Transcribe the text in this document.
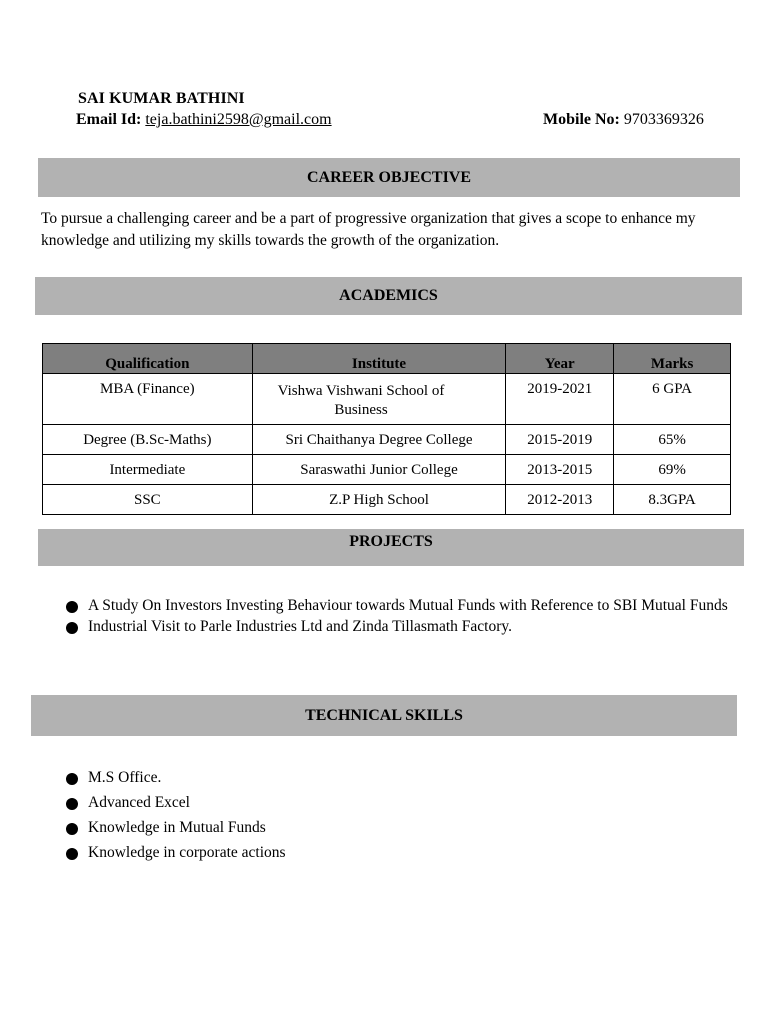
SAI KUMAR BATHINI
Email Id: teja.bathini2598@gmail.com	Mobile No: 9703369326
CAREER OBJECTIVE
To pursue a challenging career and be a part of progressive organization that gives a scope to enhance my knowledge and utilizing my skills towards the growth of the organization.
ACADEMICS
Qualification	Institute	Year	Marks
MBA (Finance)	Vishwa Vishwani School of Business	2019-2021	6 GPA
Degree (B.Sc-Maths)	Sri Chaithanya Degree College	2015-2019	65%
Intermediate	Saraswathi Junior College	2013-2015	69%
SSC	Z.P High School	2012-2013	8.3GPA
PROJECTS
A Study On Investors Investing Behaviour towards Mutual Funds with Reference to SBI Mutual Funds
Industrial Visit to Parle Industries Ltd and Zinda Tillasmath Factory.
TECHNICAL SKILLS
M.S Office.
Advanced Excel
Knowledge in Mutual Funds
Knowledge in corporate actions
